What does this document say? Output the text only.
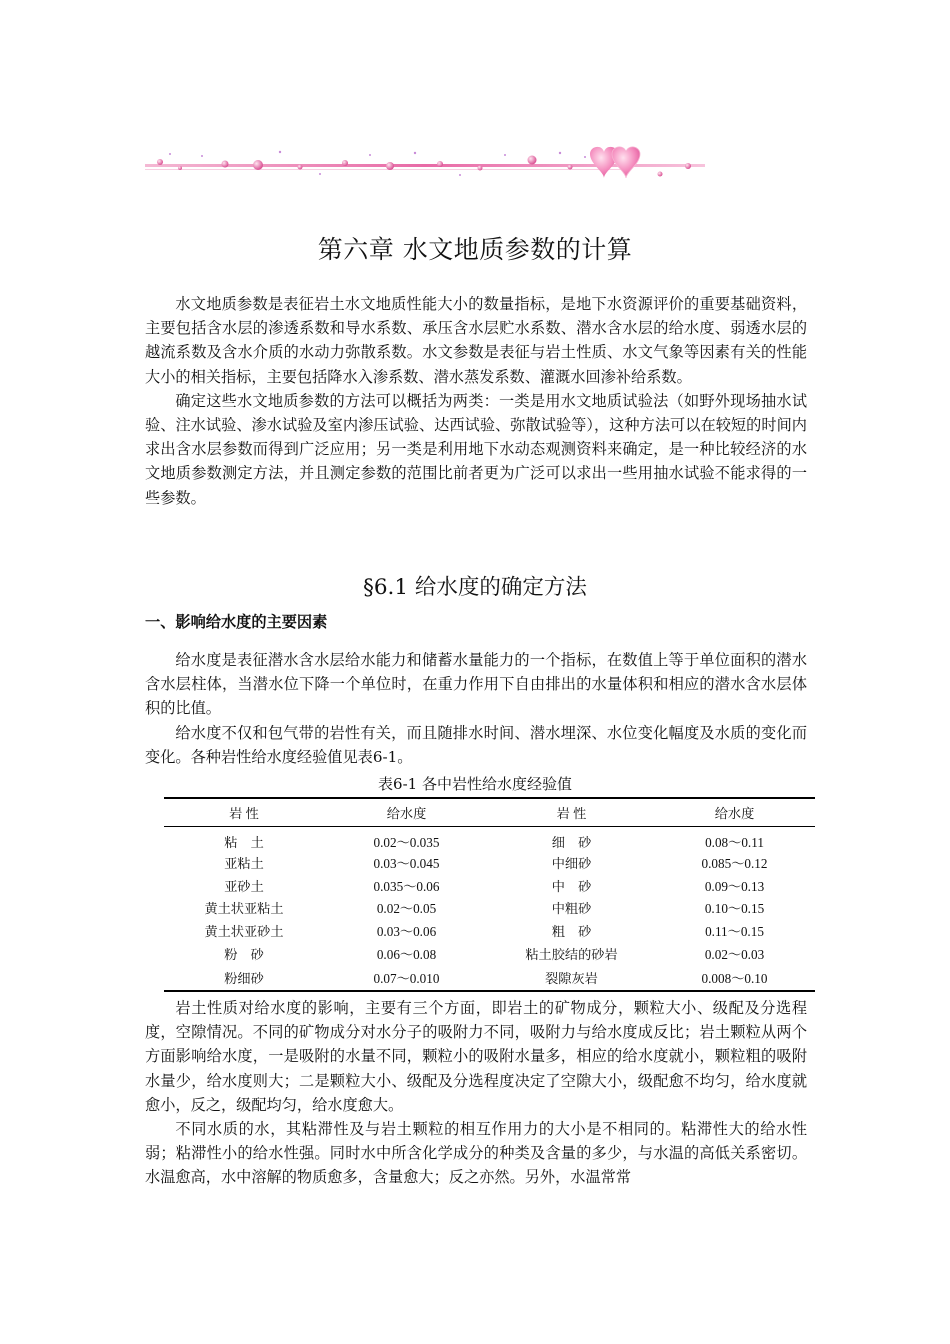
第六章 水文地质参数的计算

水文地质参数是表征岩土水文地质性能大小的数量指标，是地下水资源评价的重要基础资料，主要包括含水层的渗透系数和导水系数、承压含水层贮水系数、潜水含水层的给水度、弱透水层的越流系数及含水介质的水动力弥散系数。水文参数是表征与岩土性质、水文气象等因素有关的性能大小的相关指标，主要包括降水入渗系数、潜水蒸发系数、灌溉水回渗补给系数。

确定这些水文地质参数的方法可以概括为两类：一类是用水文地质试验法（如野外现场抽水试验、注水试验、渗水试验及室内渗压试验、达西试验、弥散试验等），这种方法可以在较短的时间内求出含水层参数而得到广泛应用；另一类是利用地下水动态观测资料来确定，是一种比较经济的水文地质参数测定方法，并且测定参数的范围比前者更为广泛可以求出一些用抽水试验不能求得的一些参数。

§6.1 给水度的确定方法
一、影响给水度的主要因素

给水度是表征潜水含水层给水能力和储蓄水量能力的一个指标，在数值上等于单位面积的潜水含水层柱体，当潜水位下降一个单位时，在重力作用下自由排出的水量体积和相应的潜水含水层体积的比值。

给水度不仅和包气带的岩性有关，而且随排水时间、潜水埋深、水位变化幅度及水质的变化而变化。各种岩性给水度经验值见表6-1。

表6-1 各中岩性给水度经验值
岩 性	给水度	岩 性	给水度
粘　土	0.02～0.035	细　砂	0.08～0.11
亚粘土	0.03～0.045	中细砂	0.085～0.12
亚砂土	0.035～0.06	中　砂	0.09～0.13
黄土状亚粘土	0.02～0.05	中粗砂	0.10～0.15
黄土状亚砂土	0.03～0.06	粗　砂	0.11～0.15
粉　砂	0.06～0.08	粘土胶结的砂岩	0.02～0.03
粉细砂	0.07～0.010	裂隙灰岩	0.008～0.10

岩土性质对给水度的影响，主要有三个方面，即岩土的矿物成分，颗粒大小、级配及分选程度，空隙情况。不同的矿物成分对水分子的吸附力不同，吸附力与给水度成反比；岩土颗粒从两个方面影响给水度，一是吸附的水量不同，颗粒小的吸附水量多，相应的给水度就小，颗粒粗的吸附水量少，给水度则大；二是颗粒大小、级配及分选程度决定了空隙大小，级配愈不均匀，给水度就愈小，反之，级配均匀，给水度愈大。

不同水质的水，其粘滞性及与岩土颗粒的相互作用力的大小是不相同的。粘滞性大的给水性弱；粘滞性小的给水性强。同时水中所含化学成分的种类及含量的多少，与水温的高低关系密切。水温愈高，水中溶解的物质愈多，含量愈大；反之亦然。另外，水温常常
